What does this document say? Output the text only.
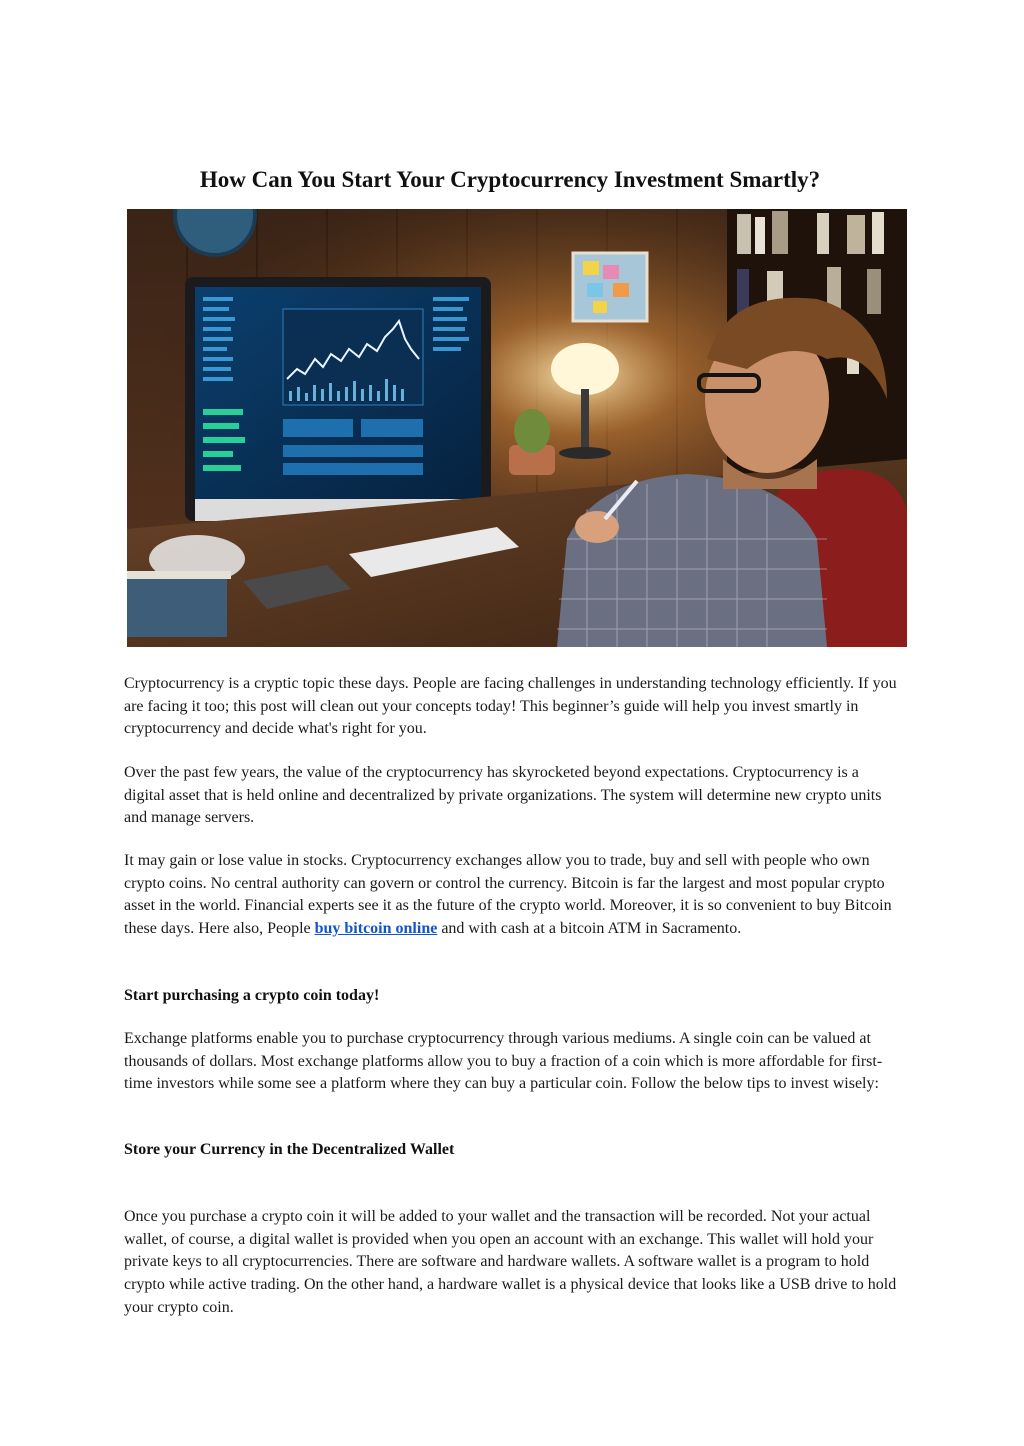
How Can You Start Your Cryptocurrency Investment Smartly?

Cryptocurrency is a cryptic topic these days. People are facing challenges in understanding technology efficiently. If you are facing it too; this post will clean out your concepts today! This beginner’s guide will help you invest smartly in cryptocurrency and decide what's right for you.

Over the past few years, the value of the cryptocurrency has skyrocketed beyond expectations. Cryptocurrency is a digital asset that is held online and decentralized by private organizations. The system will determine new crypto units and manage servers.

It may gain or lose value in stocks. Cryptocurrency exchanges allow you to trade, buy and sell with people who own crypto coins. No central authority can govern or control the currency. Bitcoin is far the largest and most popular crypto asset in the world. Financial experts see it as the future of the crypto world. Moreover, it is so convenient to buy Bitcoin these days. Here also, People buy bitcoin online and with cash at a bitcoin ATM in Sacramento.

Start purchasing a crypto coin today!

Exchange platforms enable you to purchase cryptocurrency through various mediums. A single coin can be valued at thousands of dollars. Most exchange platforms allow you to buy a fraction of a coin which is more affordable for first-time investors while some see a platform where they can buy a particular coin. Follow the below tips to invest wisely:

Store your Currency in the Decentralized Wallet

Once you purchase a crypto coin it will be added to your wallet and the transaction will be recorded. Not your actual wallet, of course, a digital wallet is provided when you open an account with an exchange. This wallet will hold your private keys to all cryptocurrencies. There are software and hardware wallets. A software wallet is a program to hold crypto while active trading. On the other hand, a hardware wallet is a physical device that looks like a USB drive to hold your crypto coin.
